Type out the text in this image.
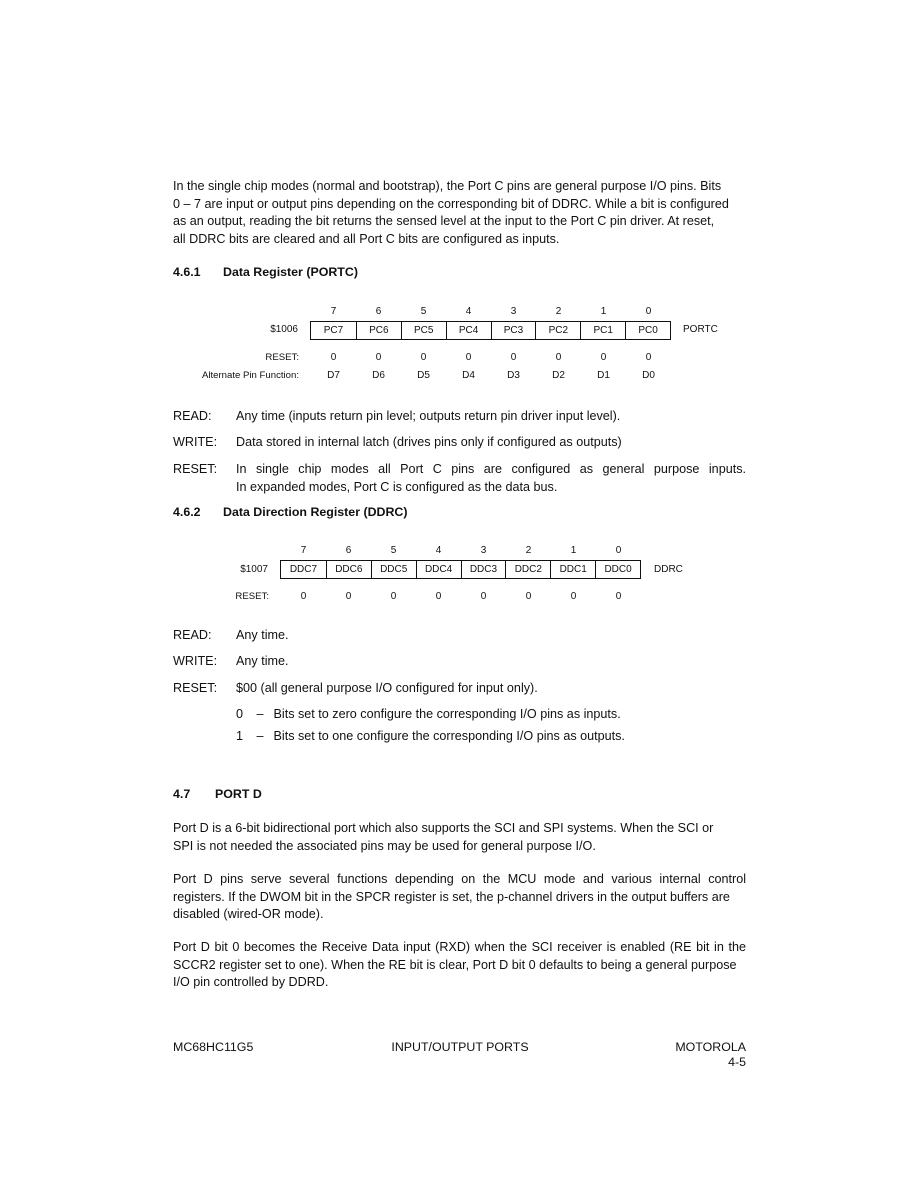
In the single chip modes (normal and bootstrap), the Port C pins are general purpose I/O pins. Bits
0 – 7 are input or output pins depending on the corresponding bit of DDRC. While a bit is configured
as an output, reading the bit returns the sensed level at the input to the Port C pin driver. At reset,
all DDRC bits are cleared and all Port C bits are configured as inputs.
4.6.1 Data Register (PORTC)
7	6	5	4	3	2	1	0
$1006	PC7	PC6	PC5	PC4	PC3	PC2	PC1	PC0	PORTC
RESET:	0	0	0	0	0	0	0	0
Alternate Pin Function:	D7	D6	D5	D4	D3	D2	D1	D0
READ: Any time (inputs return pin level; outputs return pin driver input level).
WRITE: Data stored in internal latch (drives pins only if configured as outputs)
RESET: In single chip modes all Port C pins are configured as general purpose inputs.
In expanded modes, Port C is configured as the data bus.
4.6.2 Data Direction Register (DDRC)
7	6	5	4	3	2	1	0
$1007	DDC7	DDC6	DDC5	DDC4	DDC3	DDC2	DDC1	DDC0	DDRC
RESET:	0	0	0	0	0	0	0	0
READ: Any time.
WRITE: Any time.
RESET: $00 (all general purpose I/O configured for input only).
0 – Bits set to zero configure the corresponding I/O pins as inputs.
1 – Bits set to one configure the corresponding I/O pins as outputs.
4.7 PORT D
Port D is a 6-bit bidirectional port which also supports the SCI and SPI systems. When the SCI or
SPI is not needed the associated pins may be used for general purpose I/O.
Port D pins serve several functions depending on the MCU mode and various internal control
registers. If the DWOM bit in the SPCR register is set, the p-channel drivers in the output buffers are
disabled (wired-OR mode).
Port D bit 0 becomes the Receive Data input (RXD) when the SCI receiver is enabled (RE bit in the
SCCR2 register set to one). When the RE bit is clear, Port D bit 0 defaults to being a general purpose
I/O pin controlled by DDRD.
MC68HC11G5	INPUT/OUTPUT PORTS	MOTOROLA
4-5
